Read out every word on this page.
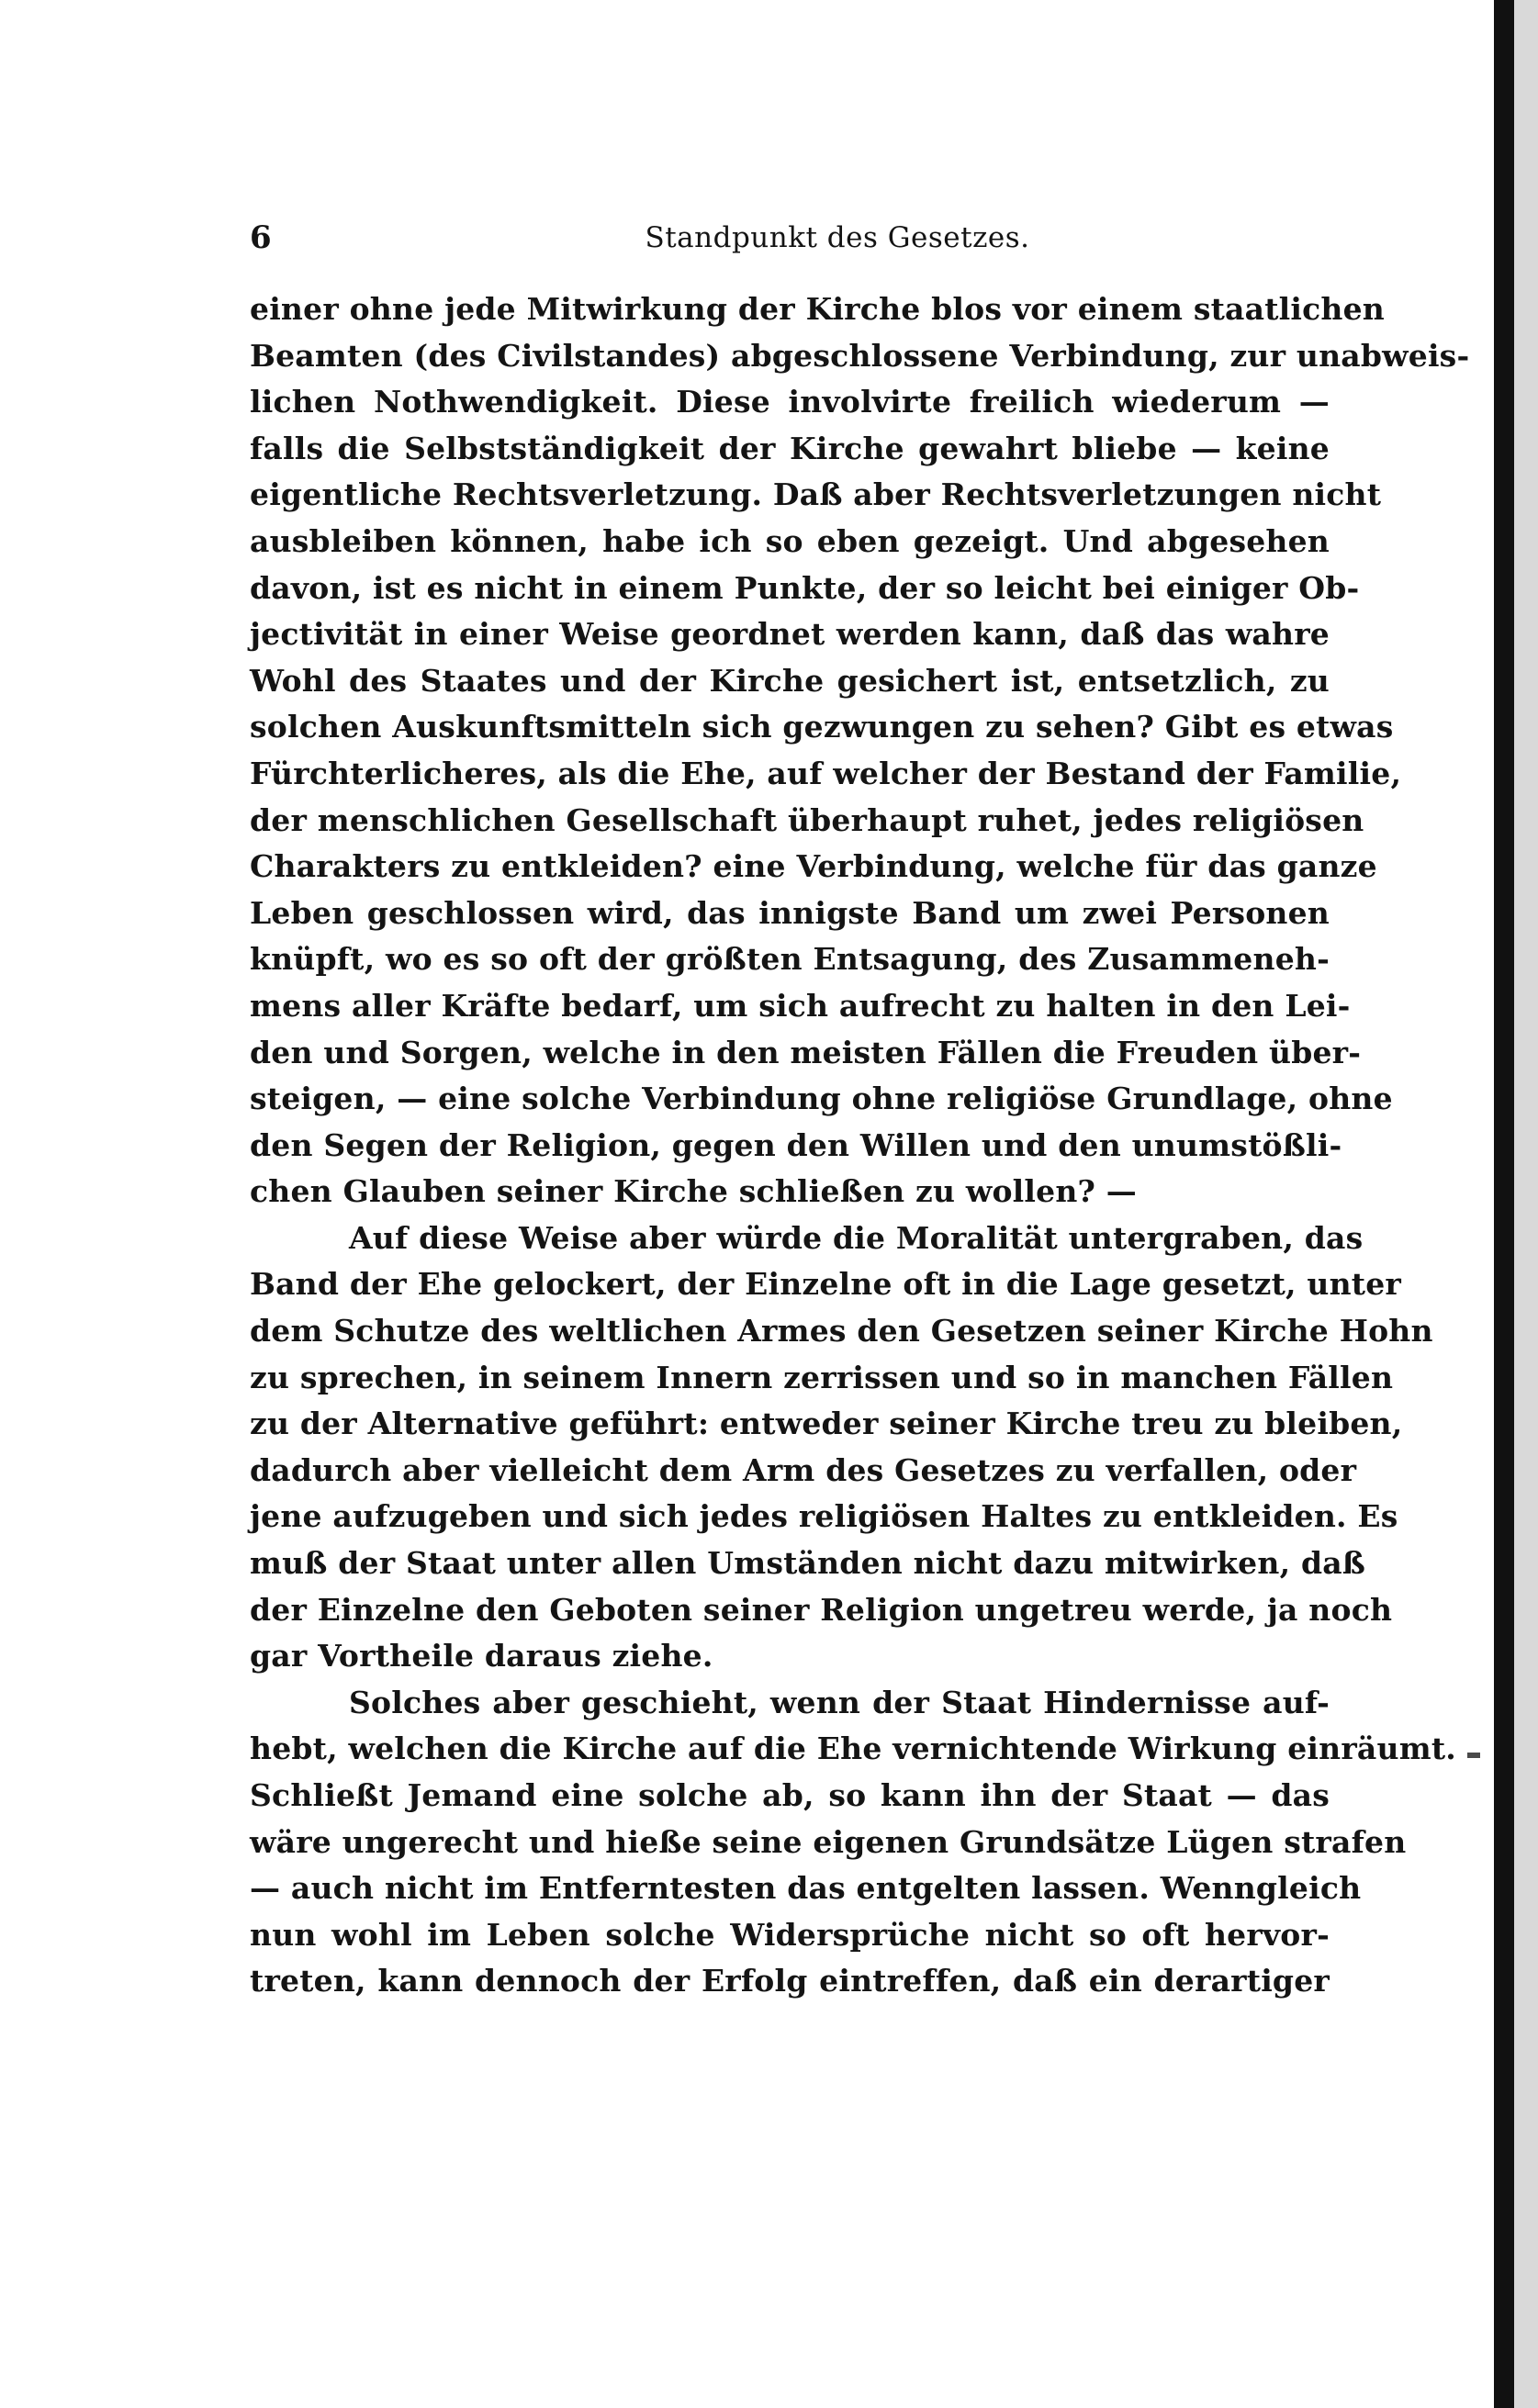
6	Standpunkt des Gesetzes.
einer ohne jede Mitwirkung der Kirche blos vor einem staatlichen
Beamten (des Civilstandes) abgeschlossene Verbindung, zur unabweis-
lichen Nothwendigkeit. Diese involvirte freilich wiederum —
falls die Selbstständigkeit der Kirche gewahrt bliebe — keine
eigentliche Rechtsverletzung. Daß aber Rechtsverletzungen nicht
ausbleiben können, habe ich so eben gezeigt. Und abgesehen
davon, ist es nicht in einem Punkte, der so leicht bei einiger Ob-
jectivität in einer Weise geordnet werden kann, daß das wahre
Wohl des Staates und der Kirche gesichert ist, entsetzlich, zu
solchen Auskunftsmitteln sich gezwungen zu sehen? Gibt es etwas
Fürchterlicheres, als die Ehe, auf welcher der Bestand der Familie,
der menschlichen Gesellschaft überhaupt ruhet, jedes religiösen
Charakters zu entkleiden? eine Verbindung, welche für das ganze
Leben geschlossen wird, das innigste Band um zwei Personen
knüpft, wo es so oft der größten Entsagung, des Zusammeneh-
mens aller Kräfte bedarf, um sich aufrecht zu halten in den Lei-
den und Sorgen, welche in den meisten Fällen die Freuden über-
steigen, — eine solche Verbindung ohne religiöse Grundlage, ohne
den Segen der Religion, gegen den Willen und den unumstößli-
chen Glauben seiner Kirche schließen zu wollen? —
Auf diese Weise aber würde die Moralität untergraben, das
Band der Ehe gelockert, der Einzelne oft in die Lage gesetzt, unter
dem Schutze des weltlichen Armes den Gesetzen seiner Kirche Hohn
zu sprechen, in seinem Innern zerrissen und so in manchen Fällen
zu der Alternative geführt: entweder seiner Kirche treu zu bleiben,
dadurch aber vielleicht dem Arm des Gesetzes zu verfallen, oder
jene aufzugeben und sich jedes religiösen Haltes zu entkleiden. Es
muß der Staat unter allen Umständen nicht dazu mitwirken, daß
der Einzelne den Geboten seiner Religion ungetreu werde, ja noch
gar Vortheile daraus ziehe.
Solches aber geschieht, wenn der Staat Hindernisse auf-
hebt, welchen die Kirche auf die Ehe vernichtende Wirkung einräumt.
Schließt Jemand eine solche ab, so kann ihn der Staat — das
wäre ungerecht und hieße seine eigenen Grundsätze Lügen strafen
— auch nicht im Entferntesten das entgelten lassen. Wenngleich
nun wohl im Leben solche Widersprüche nicht so oft hervor-
treten, kann dennoch der Erfolg eintreffen, daß ein derartiger
